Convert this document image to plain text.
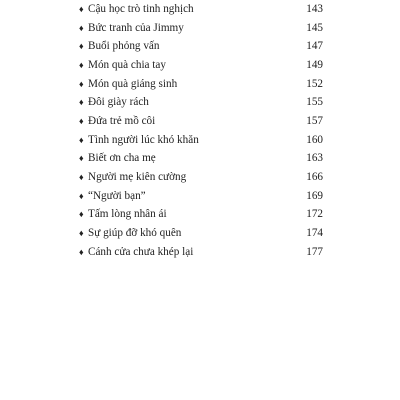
♦ Cậu học trò tinh nghịch	143
♦ Bức tranh của Jimmy	145
♦ Buổi phỏng vấn	147
♦ Món quà chia tay	149
♦ Món quà giáng sinh	152
♦ Đôi giày rách	155
♦ Đứa trẻ mồ côi	157
♦ Tình người lúc khó khăn	160
♦ Biết ơn cha mẹ	163
♦ Người mẹ kiên cường	166
♦ “Người bạn”	169
♦ Tấm lòng nhân ái	172
♦ Sự giúp đỡ khó quên	174
♦ Cánh cửa chưa khép lại	177
